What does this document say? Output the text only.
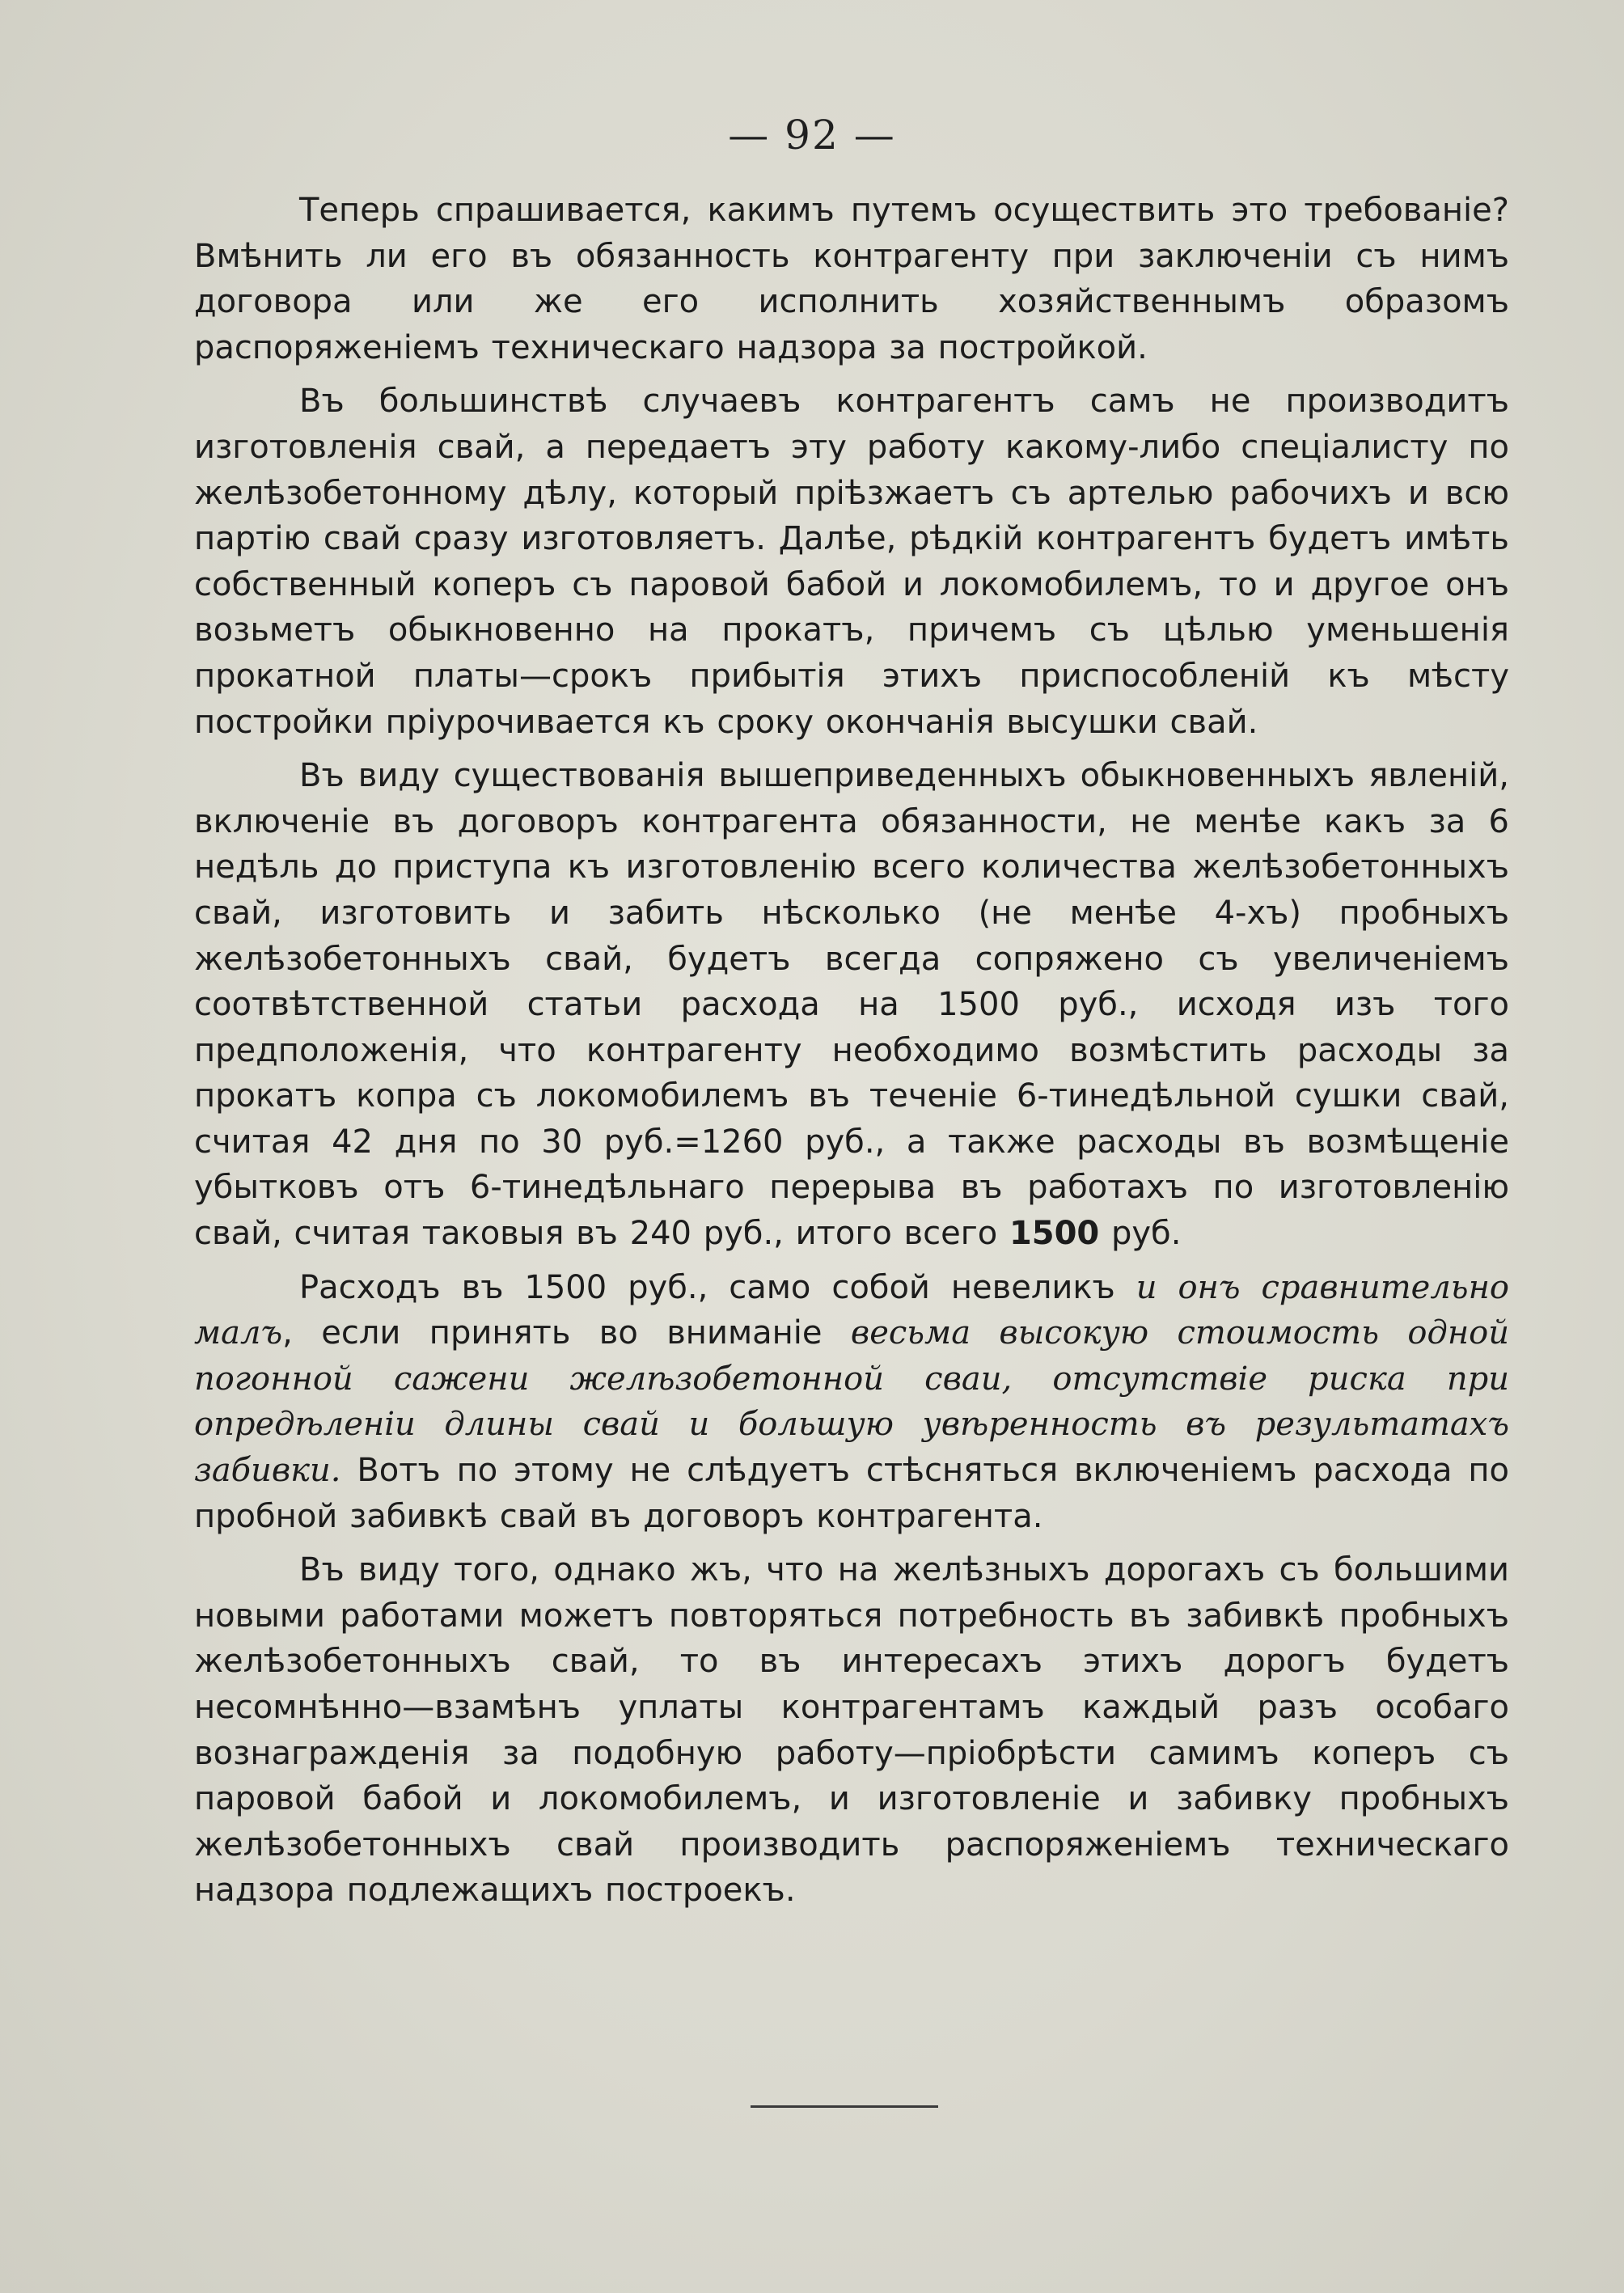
— 92 —

Теперь спрашивается, какимъ путемъ осуществить это требованіе? Вмѣнить ли его въ обязанность контрагенту при заключеніи съ нимъ договора или же его исполнить хозяйственнымъ образомъ распоряженіемъ техническаго надзора за постройкой.

Въ большинствѣ случаевъ контрагентъ самъ не производитъ изготовленія свай, а передаетъ эту работу какому-либо спеціалисту по желѣзобетонному дѣлу, который пріѣзжаетъ съ артелью рабочихъ и всю партію свай сразу изготовляетъ. Далѣе, рѣдкій контрагентъ будетъ имѣть собственный коперъ съ паровой бабой и локомобилемъ, то и другое онъ возьметъ обыкновенно на прокатъ, причемъ съ цѣлью уменьшенія прокатной платы—срокъ прибытія этихъ приспособленій къ мѣсту постройки пріурочивается къ сроку окончанія высушки свай.

Въ виду существованія вышеприведенныхъ обыкновенныхъ явленій, включеніе въ договоръ контрагента обязанности, не менѣе какъ за 6 недѣль до приступа къ изготовленію всего количества желѣзобетонныхъ свай, изготовить и забить нѣсколько (не менѣе 4-хъ) пробныхъ желѣзобетонныхъ свай, будетъ всегда сопряжено съ увеличеніемъ соотвѣтственной статьи расхода на 1500 руб., исходя изъ того предположенія, что контрагенту необходимо возмѣстить расходы за прокатъ копра съ локомобилемъ въ теченіе 6-тинедѣльной сушки свай, считая 42 дня по 30 руб.=1260 руб., а также расходы въ возмѣщеніе убытковъ отъ 6-тинедѣльнаго перерыва въ работахъ по изготовленію свай, считая таковыя въ 240 руб., итого всего 1500 руб.

Расходъ въ 1500 руб., само собой невеликъ и онъ сравнительно малъ, если принять во вниманіе весьма высокую стоимость одной погонной сажени желѣзобетонной сваи, отсутствіе риска при опредѣленіи длины свай и большую увѣренность въ результатахъ забивки. Вотъ по этому не слѣдуетъ стѣсняться включеніемъ расхода по пробной забивкѣ свай въ договоръ контрагента.

Въ виду того, однако жъ, что на желѣзныхъ дорогахъ съ большими новыми работами можетъ повторяться потребность въ забивкѣ пробныхъ желѣзобетонныхъ свай, то въ интересахъ этихъ дорогъ будетъ несомнѣнно—взамѣнъ уплаты контрагентамъ каждый разъ особаго вознагражденія за подобную работу—пріобрѣсти самимъ коперъ съ паровой бабой и локомобилемъ, и изготовленіе и забивку пробныхъ желѣзобетонныхъ свай производить распоряженіемъ техническаго надзора подлежащихъ построекъ.
